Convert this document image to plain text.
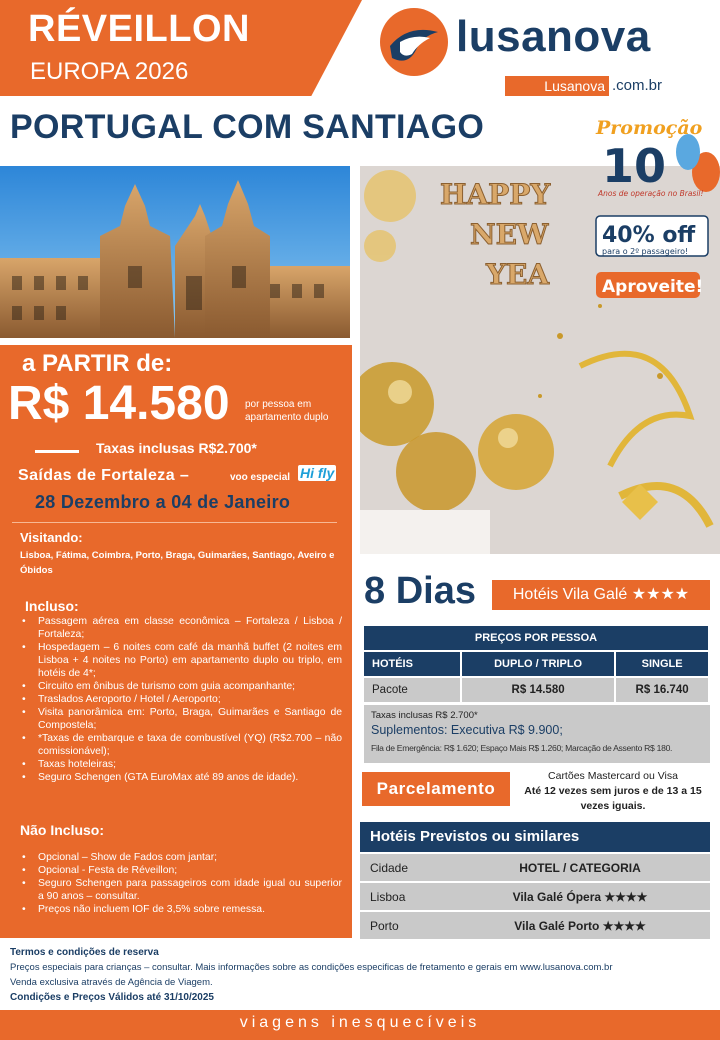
RÉVEILLON
EUROPA 2026
lusanova
Lusanova .com.br
PORTUGAL COM SANTIAGO
HAPPY
NEW
YEA
Promoção
10
Anos de operação no Brasil!
40% off
para o 2º passageiro!
Aproveite!
a PARTIR de:
R$ 14.580 por pessoa em apartamento duplo
Taxas inclusas R$2.700*
Saídas de Fortaleza –	voo especial Hi fly
28 Dezembro a 04 de Janeiro
Visitando:
Lisboa, Fátima, Coimbra, Porto, Braga, Guimarães, Santiago, Aveiro e Óbidos
Incluso:
• Passagem aérea em classe econômica – Fortaleza / Lisboa / Fortaleza;
• Hospedagem – 6 noites com café da manhã buffet (2 noites em Lisboa + 4 noites no Porto) em apartamento duplo ou triplo, em hotéis de 4*;
• Circuito em ônibus de turismo com guia acompanhante;
• Traslados Aeroporto / Hotel / Aeroporto;
• Visita panorâmica em: Porto, Braga, Guimarães e Santiago de Compostela;
• *Taxas de embarque e taxa de combustível (YQ) (R$2.700 – não comissionável);
• Taxas hoteleiras;
• Seguro Schengen (GTA EuroMax até 89 anos de idade).
Não Incluso:
• Opcional – Show de Fados com jantar;
• Opcional - Festa de Réveillon;
• Seguro Schengen para passageiros com idade igual ou superior a 90 anos – consultar.
• Preços não incluem IOF de 3,5% sobre remessa.
8 Dias	Hotéis Vila Galé ★★★★
PREÇOS POR PESSOA		
HOTÉIS	DUPLO / TRIPLO	SINGLE
Pacote	R$ 14.580	R$ 16.740
Taxas inclusas R$ 2.700*
Suplementos: Executiva R$ 9.900;
Fila de Emergência: R$ 1.620; Espaço Mais R$ 1.260; Marcação de Assento R$ 180.
Parcelamento
Cartões Mastercard ou Visa
Até 12 vezes sem juros e de 13 a 15 vezes iguais.
Hotéis Previstos ou similares
Cidade	HOTEL / CATEGORIA
Lisboa	Vila Galé Ópera ★★★★
Porto	Vila Galé Porto ★★★★
Termos e condições de reserva
Preços especiais para crianças – consultar. Mais informações sobre as condições especificas de fretamento e gerais em www.lusanova.com.br
Venda exclusiva através de Agência de Viagem.
Condições e Preços Válidos até 31/10/2025
viagens inesquecíveis
